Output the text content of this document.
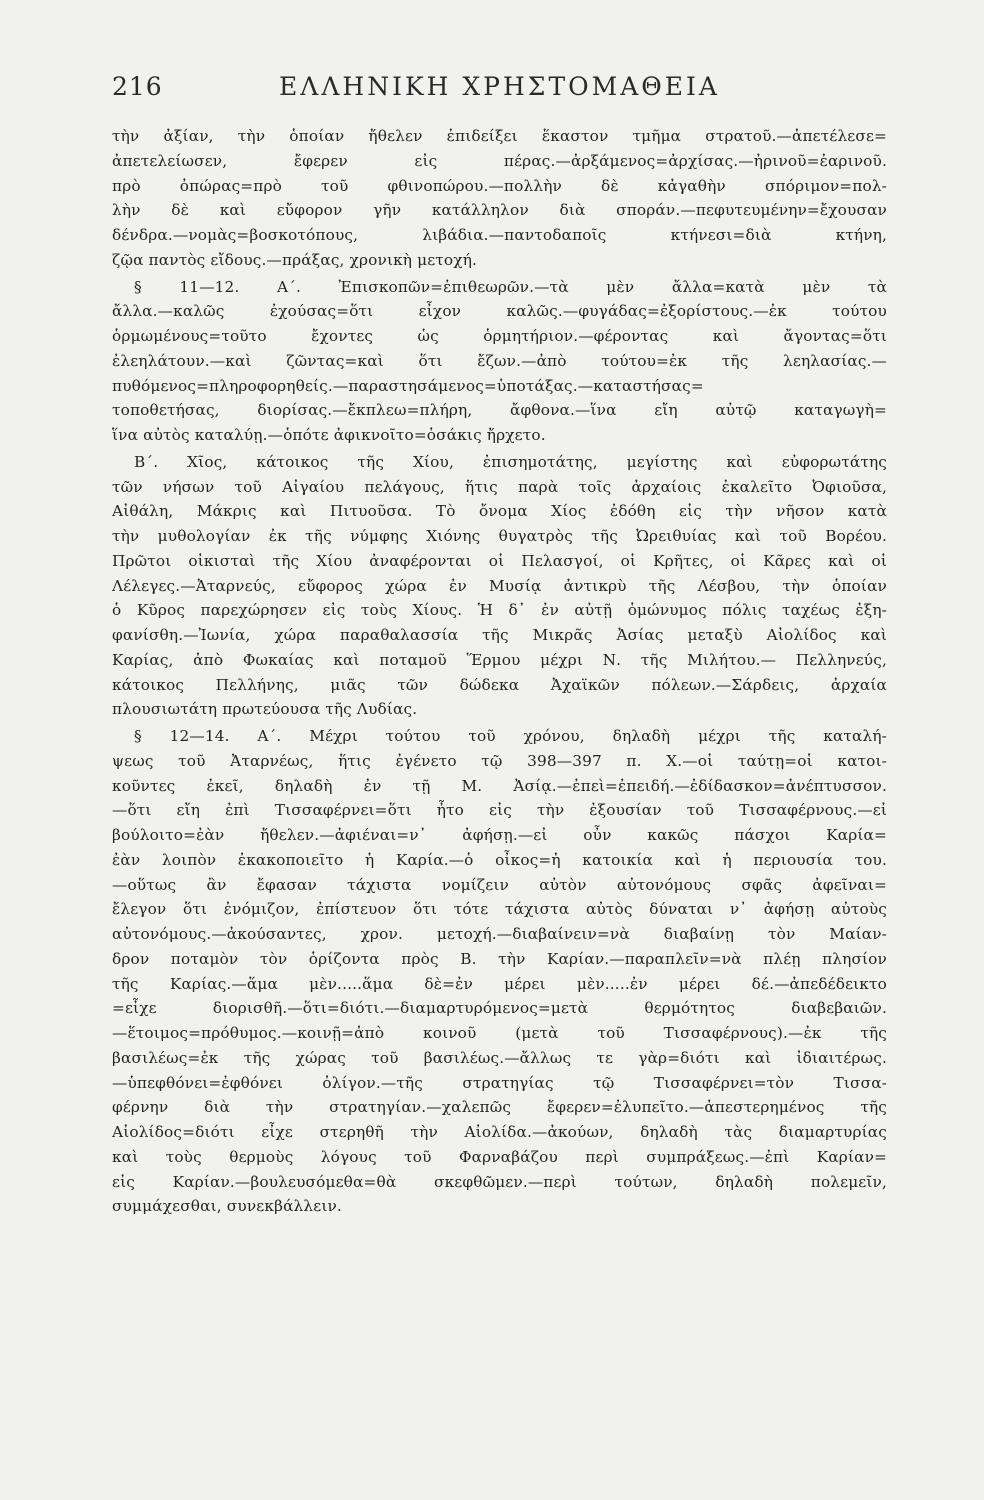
216	ΕΛΛΗΝΙΚΗ ΧΡΗΣΤΟΜΑΘΕΙΑ
τὴν ἀξίαν, τὴν ὁποίαν ἤθελεν ἐπιδείξει ἕκαστον τμῆμα στρατοῦ.—ἀπετέλεσε=
ἀπετελείωσεν, ἔφερεν εἰς πέρας.—ἀρξάμενος=ἀρχίσας.—ἠρινοῦ=ἐαρινοῦ.
πρὸ ὀπώρας=πρὸ τοῦ φθινοπώρου.—πολλὴν δὲ κἀγαθὴν σπόριμον=πολ-
λὴν δὲ καὶ εὔφορον γῆν κατάλληλον διὰ σποράν.—πεφυτευμένην=ἔχουσαν
δένδρα.—νομὰς=βοσκοτόπους, λιβάδια.—παντοδαποῖς κτήνεσι=διὰ κτήνη,
ζῷα παντὸς εἴδους.—πράξας, χρονικὴ μετοχή.
§ 11—12. Α΄. Ἐπισκοπῶν=ἐπιθεωρῶν.—τὰ μὲν ἄλλα=κατὰ μὲν τὰ
ἄλλα.—καλῶς ἐχούσας=ὅτι εἶχον καλῶς.—φυγάδας=ἐξορίστους.—ἐκ τούτου
ὁρμωμένους=τοῦτο ἔχοντες ὡς ὁρμητήριον.—φέροντας καὶ ἄγοντας=ὅτι
ἐλεηλάτουν.—καὶ ζῶντας=καὶ ὅτι ἔζων.—ἀπὸ τούτου=ἐκ τῆς λεηλασίας.—
πυθόμενος=πληροφορηθείς.—παραστησάμενος=ὑποτάξας.—καταστήσας=
τοποθετήσας, διορίσας.—ἔκπλεω=πλήρη, ἄφθονα.—ἵνα εἴη αὐτῷ καταγωγὴ=
ἵνα αὐτὸς καταλύῃ.—ὁπότε ἀφικνοῖτο=ὁσάκις ἤρχετο.
Β΄. Χῖος, κάτοικος τῆς Χίου, ἐπισημοτάτης, μεγίστης καὶ εὐφορωτάτης
τῶν νήσων τοῦ Αἰγαίου πελάγους, ἥτις παρὰ τοῖς ἀρχαίοις ἐκαλεῖτο Ὀφιοῦσα,
Αἰθάλη, Μάκρις καὶ Πιτυοῦσα. Τὸ ὄνομα Χίος ἐδόθη εἰς τὴν νῆσον κατὰ
τὴν μυθολογίαν ἐκ τῆς νύμφης Χιόνης θυγατρὸς τῆς Ὠρειθυίας καὶ τοῦ Βορέου.
Πρῶτοι οἰκισταὶ τῆς Χίου ἀναφέρονται οἱ Πελασγοί, οἱ Κρῆτες, οἱ Κᾶρες καὶ οἱ
Λέλεγες.—Ἀταρνεύς, εὔφορος χώρα ἐν Μυσίᾳ ἀντικρὺ τῆς Λέσβου, τὴν ὁποίαν
ὁ Κῦρος παρεχώρησεν εἰς τοὺς Χίους. Ἡ δ᾿ ἐν αὐτῇ ὁμώνυμος πόλις ταχέως ἐξη-
φανίσθη.—Ἰωνία, χώρα παραθαλασσία τῆς Μικρᾶς Ἀσίας μεταξὺ Αἰολίδος καὶ
Καρίας, ἀπὸ Φωκαίας καὶ ποταμοῦ Ἕρμου μέχρι Ν. τῆς Μιλήτου.— Πελληνεύς,
κάτοικος Πελλήνης, μιᾶς τῶν δώδεκα Ἀχαϊκῶν πόλεων.—Σάρδεις, ἀρχαία
πλουσιωτάτη πρωτεύουσα τῆς Λυδίας.
§ 12—14. Α΄. Μέχρι τούτου τοῦ χρόνου, δηλαδὴ μέχρι τῆς καταλή-
ψεως τοῦ Ἀταρνέως, ἥτις ἐγένετο τῷ 398—397 π. Χ.—οἱ ταύτῃ=οἱ κατοι-
κοῦντες ἐκεῖ, δηλαδὴ ἐν τῇ Μ. Ἀσίᾳ.—ἐπεὶ=ἐπειδή.—ἐδίδασκον=ἀνέπτυσσον.
—ὅτι εἴη ἐπὶ Τισσαφέρνει=ὅτι ἦτο εἰς τὴν ἐξουσίαν τοῦ Τισσαφέρνους.—εἰ
βούλοιτο=ἐὰν ἤθελεν.—ἀφιέναι=ν᾿ ἀφήσῃ.—εἰ οὖν κακῶς πάσχοι Καρία=
ἐὰν λοιπὸν ἐκακοποιεῖτο ἡ Καρία.—ὁ οἶκος=ἡ κατοικία καὶ ἡ περιουσία του.
—οὕτως ἂν ἔφασαν τάχιστα νομίζειν αὐτὸν αὐτονόμους σφᾶς ἀφεῖναι=
ἔλεγον ὅτι ἐνόμιζον, ἐπίστευον ὅτι τότε τάχιστα αὐτὸς δύναται ν᾿ ἀφήσῃ αὐτοὺς
αὐτονόμους.—ἀκούσαντες, χρον. μετοχή.—διαβαίνειν=νὰ διαβαίνῃ τὸν Μαίαν-
δρον ποταμὸν τὸν ὁρίζοντα πρὸς Β. τὴν Καρίαν.—παραπλεῖν=νὰ πλέῃ πλησίον
τῆς Καρίας.—ἅμα μὲν.....ἅμα δὲ=ἐν μέρει μὲν.....ἐν μέρει δέ.—ἀπεδέδεικτο
=εἶχε διορισθῆ.—ὅτι=διότι.—διαμαρτυρόμενος=μετὰ θερμότητος διαβεβαιῶν.
—ἕτοιμος=πρόθυμος.—κοινῇ=ἀπὸ κοινοῦ (μετὰ τοῦ Τισσαφέρνους).—ἐκ τῆς
βασιλέως=ἐκ τῆς χώρας τοῦ βασιλέως.—ἄλλως τε γὰρ=διότι καὶ ἰδιαιτέρως.
—ὑπεφθόνει=ἐφθόνει ὀλίγον.—τῆς στρατηγίας τῷ Τισσαφέρνει=τὸν Τισσα-
φέρνην διὰ τὴν στρατηγίαν.—χαλεπῶς ἔφερεν=ἐλυπεῖτο.—ἀπεστερημένος τῆς
Αἰολίδος=διότι εἶχε στερηθῆ τὴν Αἰολίδα.—ἀκούων, δηλαδὴ τὰς διαμαρτυρίας
καὶ τοὺς θερμοὺς λόγους τοῦ Φαρναβάζου περὶ συμπράξεως.—ἐπὶ Καρίαν=
εἰς Καρίαν.—βουλευσόμεθα=θὰ σκεφθῶμεν.—περὶ τούτων, δηλαδὴ πολεμεῖν,
συμμάχεσθαι, συνεκβάλλειν.
